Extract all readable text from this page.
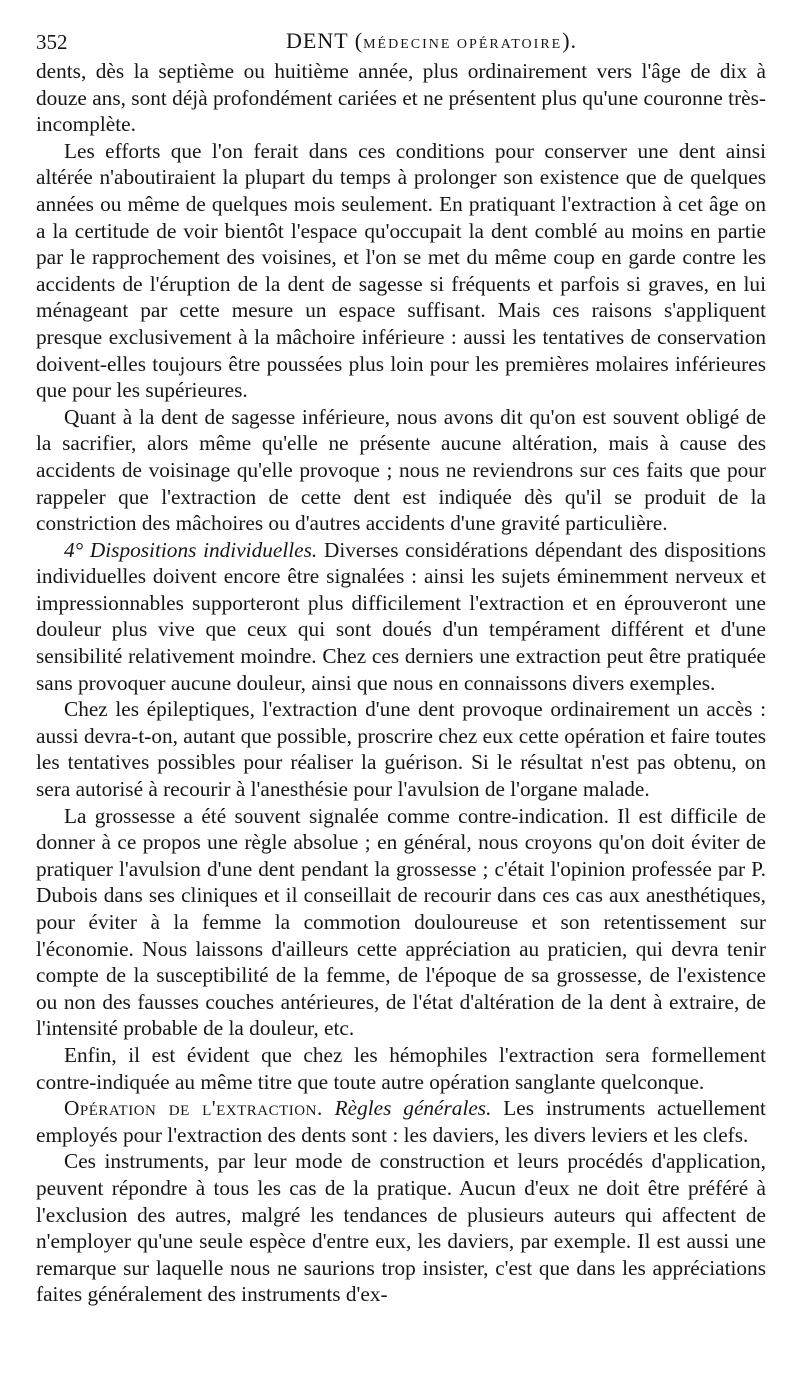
352	DENT (MÉDECINE OPÉRATOIRE).

dents, dès la septième ou huitième année, plus ordinairement vers l'âge de dix à douze ans, sont déjà profondément cariées et ne présentent plus qu'une couronne très-incomplète.

Les efforts que l'on ferait dans ces conditions pour conserver une dent ainsi altérée n'aboutiraient la plupart du temps à prolonger son existence que de quelques années ou même de quelques mois seulement. En pratiquant l'extraction à cet âge on a la certitude de voir bientôt l'espace qu'occupait la dent comblé au moins en partie par le rapprochement des voisines, et l'on se met du même coup en garde contre les accidents de l'éruption de la dent de sagesse si fréquents et parfois si graves, en lui ménageant par cette mesure un espace suffisant. Mais ces raisons s'appliquent presque exclusivement à la mâchoire inférieure : aussi les tentatives de conservation doivent-elles toujours être poussées plus loin pour les premières molaires inférieures que pour les supérieures.

Quant à la dent de sagesse inférieure, nous avons dit qu'on est souvent obligé de la sacrifier, alors même qu'elle ne présente aucune altération, mais à cause des accidents de voisinage qu'elle provoque ; nous ne reviendrons sur ces faits que pour rappeler que l'extraction de cette dent est indiquée dès qu'il se produit de la constriction des mâchoires ou d'autres accidents d'une gravité particulière.

4° Dispositions individuelles. Diverses considérations dépendant des dispositions individuelles doivent encore être signalées : ainsi les sujets éminemment nerveux et impressionnables supporteront plus difficilement l'extraction et en éprouveront une douleur plus vive que ceux qui sont doués d'un tempérament différent et d'une sensibilité relativement moindre. Chez ces derniers une extraction peut être pratiquée sans provoquer aucune douleur, ainsi que nous en connaissons divers exemples.

Chez les épileptiques, l'extraction d'une dent provoque ordinairement un accès : aussi devra-t-on, autant que possible, proscrire chez eux cette opération et faire toutes les tentatives possibles pour réaliser la guérison. Si le résultat n'est pas obtenu, on sera autorisé à recourir à l'anesthésie pour l'avulsion de l'organe malade.

La grossesse a été souvent signalée comme contre-indication. Il est difficile de donner à ce propos une règle absolue ; en général, nous croyons qu'on doit éviter de pratiquer l'avulsion d'une dent pendant la grossesse ; c'était l'opinion professée par P. Dubois dans ses cliniques et il conseillait de recourir dans ces cas aux anesthétiques, pour éviter à la femme la commotion douloureuse et son retentissement sur l'économie. Nous laissons d'ailleurs cette appréciation au praticien, qui devra tenir compte de la susceptibilité de la femme, de l'époque de sa grossesse, de l'existence ou non des fausses couches antérieures, de l'état d'altération de la dent à extraire, de l'intensité probable de la douleur, etc.

Enfin, il est évident que chez les hémophiles l'extraction sera formellement contre-indiquée au même titre que toute autre opération sanglante quelconque.

Opération de l'extraction. Règles générales. Les instruments actuellement employés pour l'extraction des dents sont : les daviers, les divers leviers et les clefs.

Ces instruments, par leur mode de construction et leurs procédés d'application, peuvent répondre à tous les cas de la pratique. Aucun d'eux ne doit être préféré à l'exclusion des autres, malgré les tendances de plusieurs auteurs qui affectent de n'employer qu'une seule espèce d'entre eux, les daviers, par exemple. Il est aussi une remarque sur laquelle nous ne saurions trop insister, c'est que dans les appréciations faites généralement des instruments d'ex-
